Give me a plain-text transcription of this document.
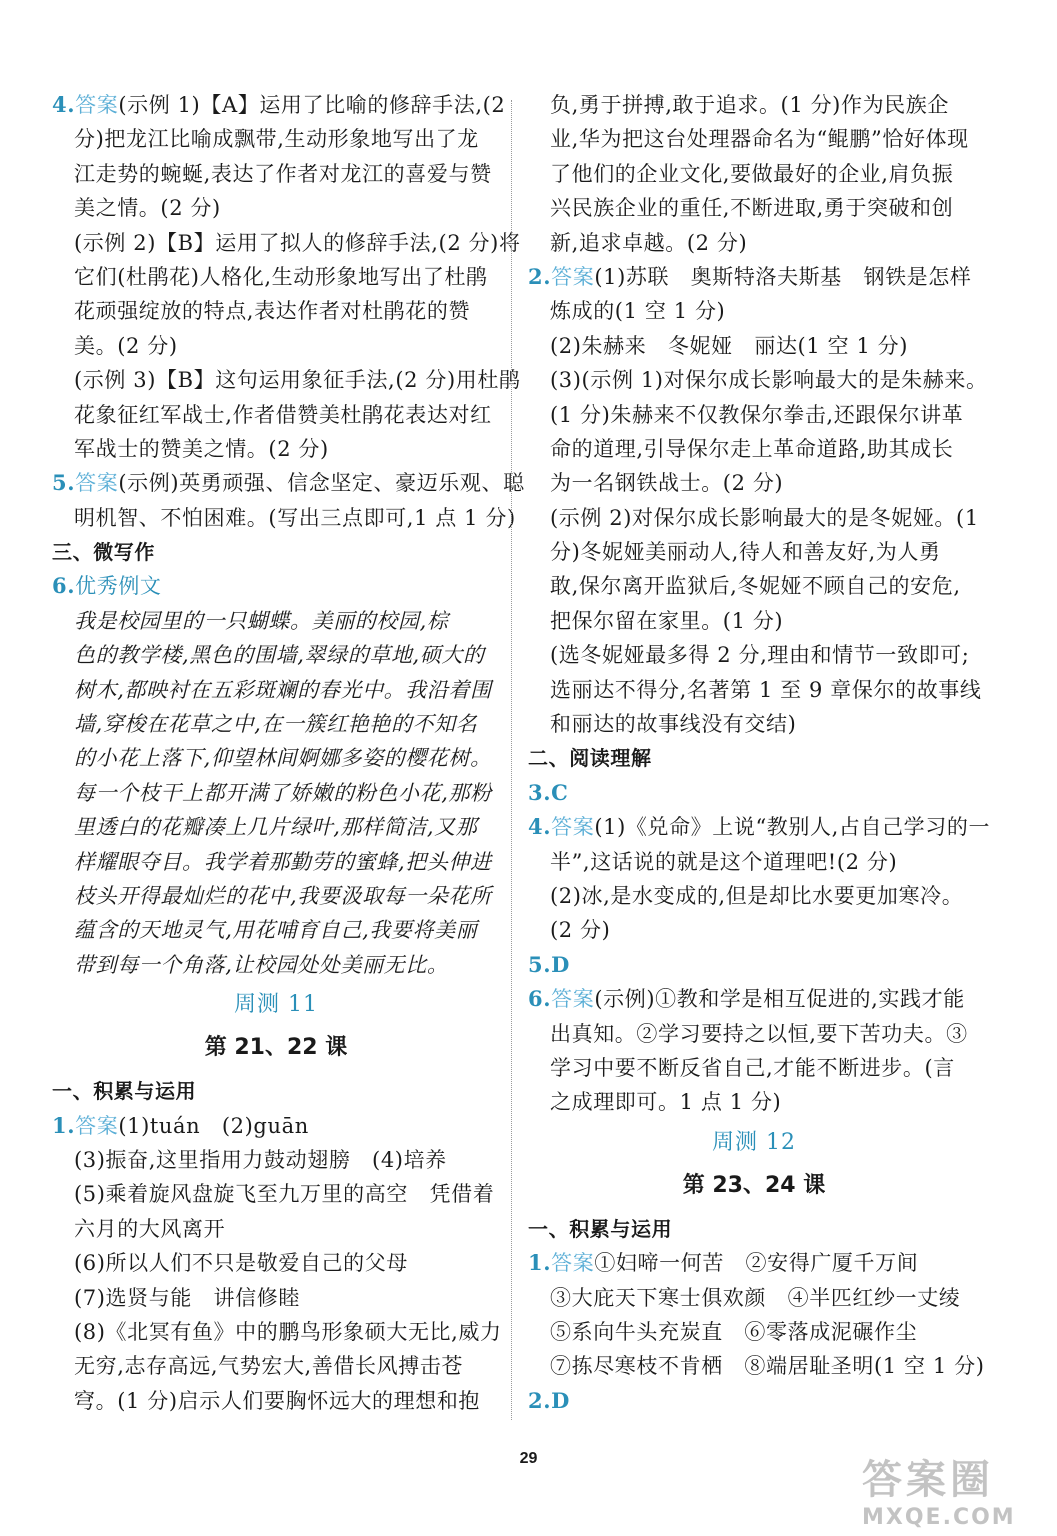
4.答案(示例 1)【A】运用了比喻的修辞手法,(2
分)把龙江比喻成飘带,生动形象地写出了龙
江走势的蜿蜒,表达了作者对龙江的喜爱与赞
美之情。(2 分)
(示例 2)【B】运用了拟人的修辞手法,(2 分)将
它们(杜鹃花)人格化,生动形象地写出了杜鹃
花顽强绽放的特点,表达作者对杜鹃花的赞
美。(2 分)
(示例 3)【B】这句运用象征手法,(2 分)用杜鹃
花象征红军战士,作者借赞美杜鹃花表达对红
军战士的赞美之情。(2 分)
5.答案(示例)英勇顽强、信念坚定、豪迈乐观、聪
明机智、不怕困难。(写出三点即可,1 点 1 分)
三、微写作
6.优秀例文
我是校园里的一只蝴蝶。美丽的校园,棕
色的教学楼,黑色的围墙,翠绿的草地,硕大的
树木,都映衬在五彩斑斓的春光中。我沿着围
墙,穿梭在花草之中,在一簇红艳艳的不知名
的小花上落下,仰望林间婀娜多姿的樱花树。
每一个枝干上都开满了娇嫩的粉色小花,那粉
里透白的花瓣凑上几片绿叶,那样简洁,又那
样耀眼夺目。我学着那勤劳的蜜蜂,把头伸进
枝头开得最灿烂的花中,我要汲取每一朵花所
蕴含的天地灵气,用花哺育自己,我要将美丽
带到每一个角落,让校园处处美丽无比。
周测 11
第 21、22 课
一、积累与运用
1.答案(1)tuán　(2)guān
(3)振奋,这里指用力鼓动翅膀　(4)培养
(5)乘着旋风盘旋飞至九万里的高空　凭借着
六月的大风离开
(6)所以人们不只是敬爱自己的父母
(7)选贤与能　讲信修睦
(8)《北冥有鱼》中的鹏鸟形象硕大无比,威力
无穷,志存高远,气势宏大,善借长风搏击苍
穹。(1 分)启示人们要胸怀远大的理想和抱
负,勇于拼搏,敢于追求。(1 分)作为民族企
业,华为把这台处理器命名为“鲲鹏”恰好体现
了他们的企业文化,要做最好的企业,肩负振
兴民族企业的重任,不断进取,勇于突破和创
新,追求卓越。(2 分)
2.答案(1)苏联　奥斯特洛夫斯基　钢铁是怎样
炼成的(1 空 1 分)
(2)朱赫来　冬妮娅　丽达(1 空 1 分)
(3)(示例 1)对保尔成长影响最大的是朱赫来。
(1 分)朱赫来不仅教保尔拳击,还跟保尔讲革
命的道理,引导保尔走上革命道路,助其成长
为一名钢铁战士。(2 分)
(示例 2)对保尔成长影响最大的是冬妮娅。(1
分)冬妮娅美丽动人,待人和善友好,为人勇
敢,保尔离开监狱后,冬妮娅不顾自己的安危,
把保尔留在家里。(1 分)
(选冬妮娅最多得 2 分,理由和情节一致即可;
选丽达不得分,名著第 1 至 9 章保尔的故事线
和丽达的故事线没有交结)
二、阅读理解
3.C
4.答案(1)《兑命》上说“教别人,占自己学习的一
半”,这话说的就是这个道理吧!(2 分)
(2)冰,是水变成的,但是却比水要更加寒冷。
(2 分)
5.D
6.答案(示例)①教和学是相互促进的,实践才能
出真知。②学习要持之以恒,要下苦功夫。③
学习中要不断反省自己,才能不断进步。(言
之成理即可。1 点 1 分)
周测 12
第 23、24 课
一、积累与运用
1.答案①妇啼一何苦　②安得广厦千万间
③大庇天下寒士俱欢颜　④半匹红纱一丈绫
⑤系向牛头充炭直　⑥零落成泥碾作尘
⑦拣尽寒枝不肯栖　⑧端居耻圣明(1 空 1 分)
2.D
29	答案圈
MXQE.COM
